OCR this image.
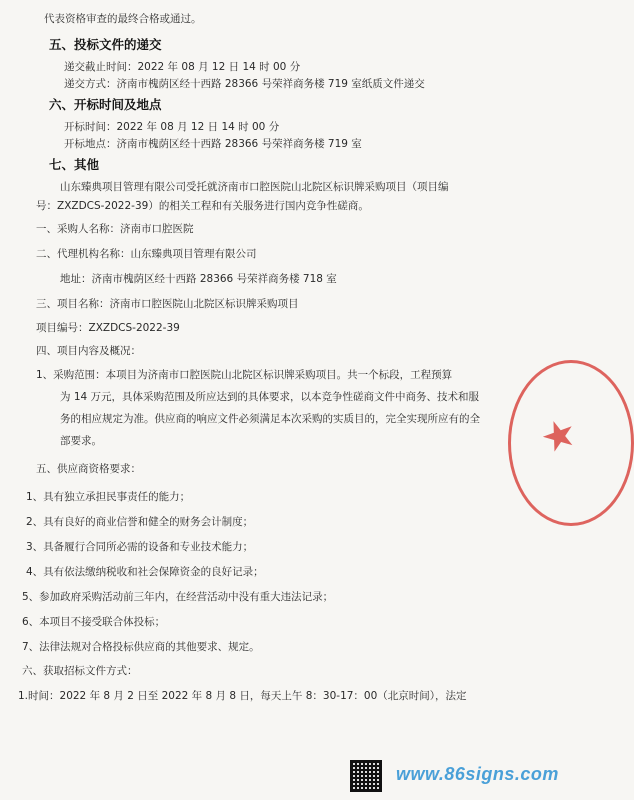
代表资格审查的最终合格或通过。
五、投标文件的递交
递交截止时间：2022 年 08 月 12 日 14 时 00 分
递交方式：济南市槐荫区经十西路 28366 号荣祥商务楼 719 室纸质文件递交
六、开标时间及地点
开标时间：2022 年 08 月 12 日 14 时 00 分
开标地点：济南市槐荫区经十西路 28366 号荣祥商务楼 719 室
七、其他
山东臻典项目管理有限公司受托就济南市口腔医院山北院区标识牌采购项目（项目编
号：ZXZDCS-2022-39）的相关工程和有关服务进行国内竞争性磋商。
一、采购人名称：济南市口腔医院
二、代理机构名称：山东臻典项目管理有限公司
地址：济南市槐荫区经十西路 28366 号荣祥商务楼 718 室
三、项目名称：济南市口腔医院山北院区标识牌采购项目
项目编号：ZXZDCS-2022-39
四、项目内容及概况：
1、采购范围：本项目为济南市口腔医院山北院区标识牌采购项目。共一个标段，工程预算
为 14 万元，具体采购范围及所应达到的具体要求，以本竞争性磋商文件中商务、技术和服
务的相应规定为准。供应商的响应文件必须满足本次采购的实质目的，完全实现所应有的全
部要求。
五、供应商资格要求：
1、具有独立承担民事责任的能力；
2、具有良好的商业信誉和健全的财务会计制度；
3、具备履行合同所必需的设备和专业技术能力；
4、具有依法缴纳税收和社会保障资金的良好记录；
5、参加政府采购活动前三年内，在经营活动中没有重大违法记录；
6、本项目不接受联合体投标；
7、法律法规对合格投标供应商的其他要求、规定。
六、获取招标文件方式：
1.时间：2022 年 8 月 2 日至 2022 年 8 月 8 日，每天上午 8：30-17：00（北京时间），法定
★
www.86signs.com
